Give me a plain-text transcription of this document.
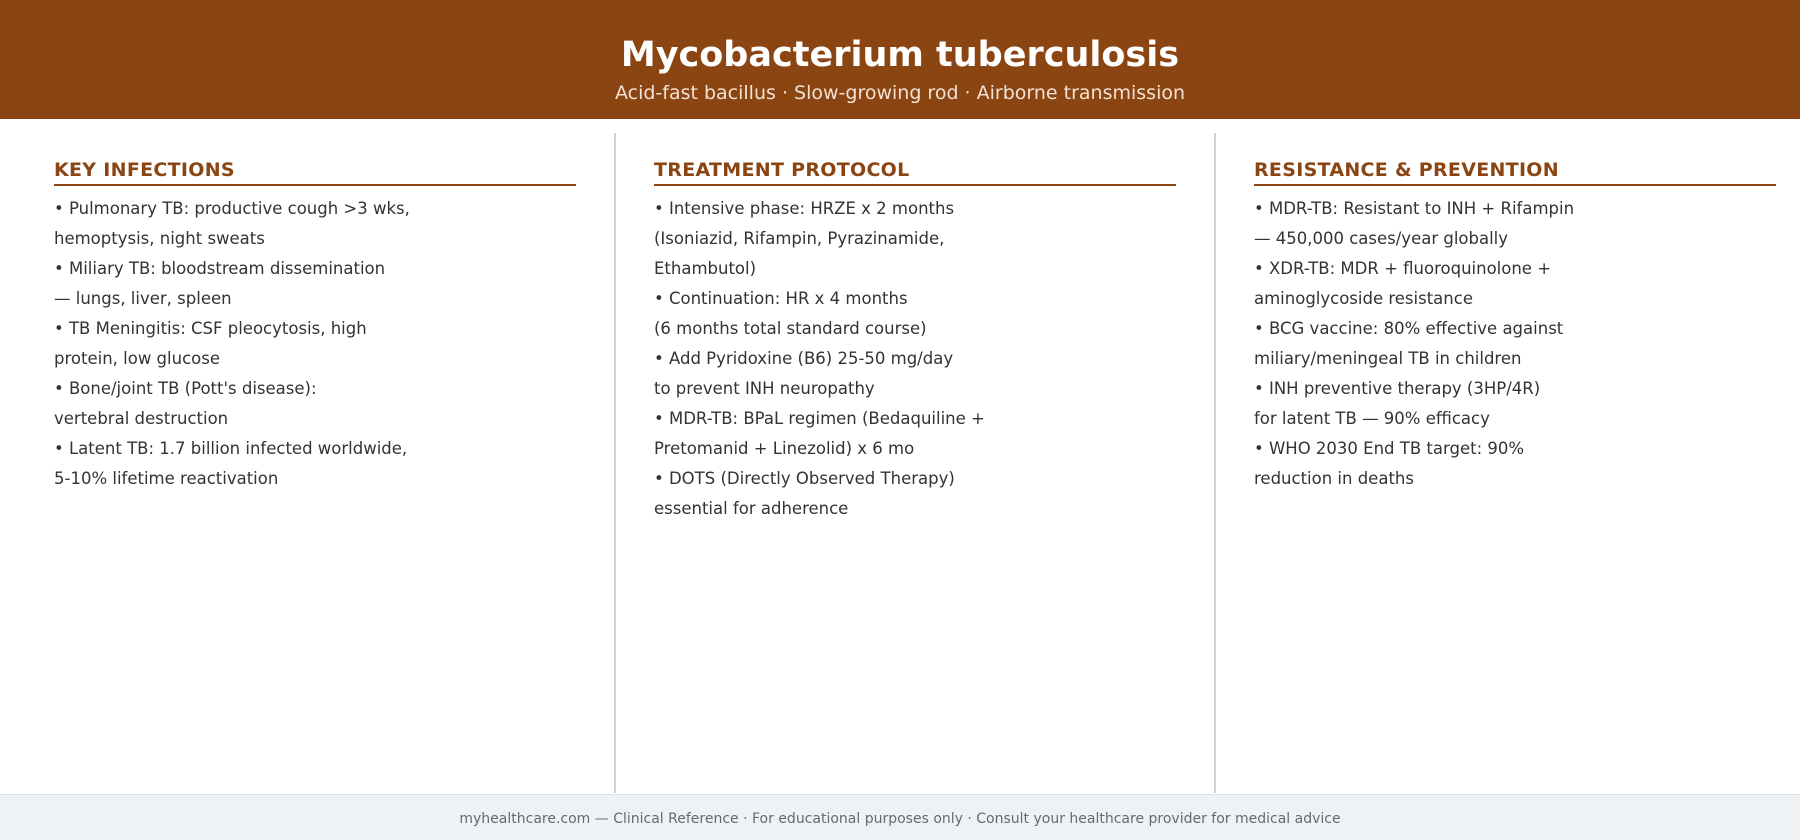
Mycobacterium tuberculosis
Acid-fast bacillus · Slow-growing rod · Airborne transmission
KEY INFECTIONS
• Pulmonary TB: productive cough >3 wks,
hemoptysis, night sweats
• Miliary TB: bloodstream dissemination
— lungs, liver, spleen
• TB Meningitis: CSF pleocytosis, high
protein, low glucose
• Bone/joint TB (Pott's disease):
vertebral destruction
• Latent TB: 1.7 billion infected worldwide,
5-10% lifetime reactivation
TREATMENT PROTOCOL
• Intensive phase: HRZE x 2 months
(Isoniazid, Rifampin, Pyrazinamide,
Ethambutol)
• Continuation: HR x 4 months
(6 months total standard course)
• Add Pyridoxine (B6) 25-50 mg/day
to prevent INH neuropathy
• MDR-TB: BPaL regimen (Bedaquiline +
Pretomanid + Linezolid) x 6 mo
• DOTS (Directly Observed Therapy)
essential for adherence
RESISTANCE & PREVENTION
• MDR-TB: Resistant to INH + Rifampin
— 450,000 cases/year globally
• XDR-TB: MDR + fluoroquinolone +
aminoglycoside resistance
• BCG vaccine: 80% effective against
miliary/meningeal TB in children
• INH preventive therapy (3HP/4R)
for latent TB — 90% efficacy
• WHO 2030 End TB target: 90%
reduction in deaths
myhealthcare.com — Clinical Reference · For educational purposes only · Consult your healthcare provider for medical advice
